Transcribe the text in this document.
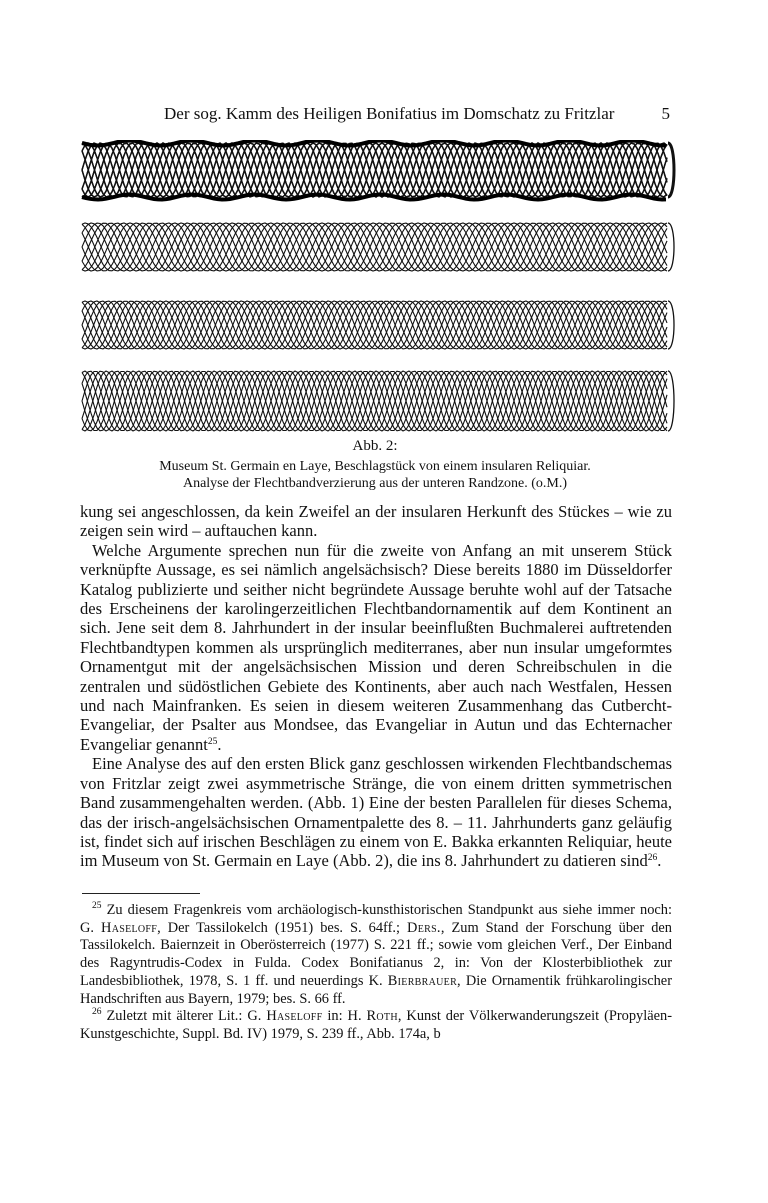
Der sog. Kamm des Heiligen Bonifatius im Domschatz zu Fritzlar	5
Abb. 2:
Museum St. Germain en Laye, Beschlagstück von einem insularen Reliquiar.
Analyse der Flechtbandverzierung aus der unteren Randzone. (o.M.)

kung sei angeschlossen, da kein Zweifel an der insularen Herkunft des Stückes – wie zu zeigen sein wird – auftauchen kann.

Welche Argumente sprechen nun für die zweite von Anfang an mit unserem Stück verknüpfte Aussage, es sei nämlich angelsächsisch? Diese bereits 1880 im Düsseldorfer Katalog publizierte und seither nicht begründete Aussage beruhte wohl auf der Tatsache des Erscheinens der karolingerzeitlichen Flechtbandornamentik auf dem Kontinent an sich. Jene seit dem 8. Jahrhundert in der insular beeinflußten Buchmalerei auftretenden Flechtbandtypen kommen als ursprünglich mediterranes, aber nun insular umgeformtes Ornamentgut mit der angelsächsischen Mission und deren Schreibschulen in die zentralen und südöstlichen Gebiete des Kontinents, aber auch nach Westfalen, Hessen und nach Mainfranken. Es seien in diesem weiteren Zusammenhang das Cutbercht-Evangeliar, der Psalter aus Mondsee, das Evangeliar in Autun und das Echternacher Evangeliar genannt$^{25}$.

Eine Analyse des auf den ersten Blick ganz geschlossen wirkenden Flechtbandschemas von Fritzlar zeigt zwei asymmetrische Stränge, die von einem dritten symmetrischen Band zusammengehalten werden. (Abb. 1) Eine der besten Parallelen für dieses Schema, das der irisch-angelsächsischen Ornamentpalette des 8. – 11. Jahrhunderts ganz geläufig ist, findet sich auf irischen Beschlägen zu einem von E. Bakka erkannten Reliquiar, heute im Museum von St. Germain en Laye (Abb. 2), die ins 8. Jahrhundert zu datieren sind$^{26}$.

$^{25}$ Zu diesem Fragenkreis vom archäologisch-kunsthistorischen Standpunkt aus siehe immer noch: G. Haseloff, Der Tassilokelch (1951) bes. S. 64ff.; Ders., Zum Stand der Forschung über den Tassilokelch. Baiernzeit in Oberösterreich (1977) S. 221 ff.; sowie vom gleichen Verf., Der Einband des Ragyntrudis-Codex in Fulda. Codex Bonifatianus 2, in: Von der Klosterbibliothek zur Landesbibliothek, 1978, S. 1 ff. und neuerdings K. Bierbrauer, Die Ornamentik frühkarolingischer Handschriften aus Bayern, 1979; bes. S. 66 ff.

$^{26}$ Zuletzt mit älterer Lit.: G. Haseloff in: H. Roth, Kunst der Völkerwanderungszeit (Propyläen-Kunstgeschichte, Suppl. Bd. IV) 1979, S. 239 ff., Abb. 174a, b
